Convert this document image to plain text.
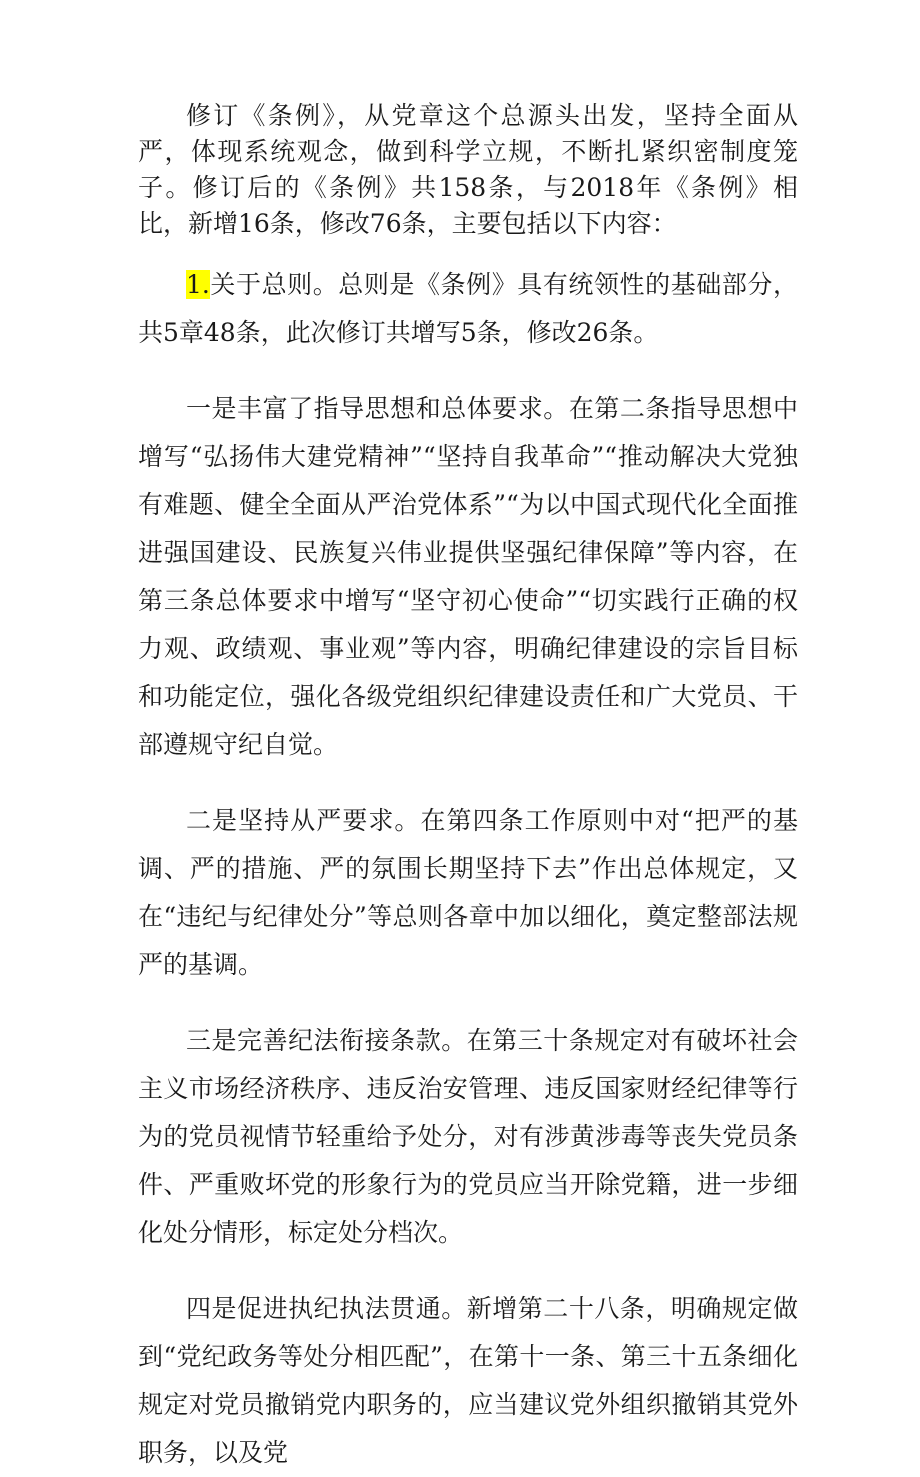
修订《条例》，从党章这个总源头出发，坚持全面从严，体现系统观念，做到科学立规，不断扎紧织密制度笼子。修订后的《条例》共158条，与2018年《条例》相比，新增16条，修改76条，主要包括以下内容：

1.关于总则。总则是《条例》具有统领性的基础部分，共5章48条，此次修订共增写5条，修改26条。

一是丰富了指导思想和总体要求。在第二条指导思想中增写“弘扬伟大建党精神”“坚持自我革命”“推动解决大党独有难题、健全全面从严治党体系”“为以中国式现代化全面推进强国建设、民族复兴伟业提供坚强纪律保障”等内容，在第三条总体要求中增写“坚守初心使命”“切实践行正确的权力观、政绩观、事业观”等内容，明确纪律建设的宗旨目标和功能定位，强化各级党组织纪律建设责任和广大党员、干部遵规守纪自觉。

二是坚持从严要求。在第四条工作原则中对“把严的基调、严的措施、严的氛围长期坚持下去”作出总体规定，又在“违纪与纪律处分”等总则各章中加以细化，奠定整部法规严的基调。

三是完善纪法衔接条款。在第三十条规定对有破坏社会主义市场经济秩序、违反治安管理、违反国家财经纪律等行为的党员视情节轻重给予处分，对有涉黄涉毒等丧失党员条件、严重败坏党的形象行为的党员应当开除党籍，进一步细化处分情形，标定处分档次。

四是促进执纪执法贯通。新增第二十八条，明确规定做到“党纪政务等处分相匹配”，在第十一条、第三十五条细化规定对党员撤销党内职务的，应当建议党外组织撤销其党外职务，以及党
